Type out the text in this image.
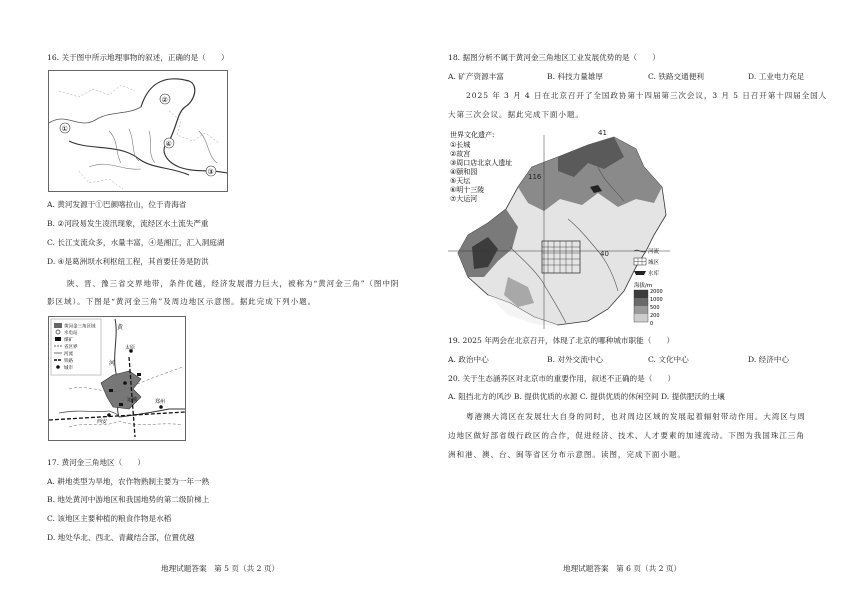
16. 关于图中所示地理事物的叙述，正确的是（　　）
①
②
③
④
A. 黄河发源于①巴颜喀拉山，位于青海省
B. ②河段易发生凌汛现象，流经区水土流失严重
C. 长江支流众多，水量丰富，④是湘江，汇入洞庭湖
D. ④是葛洲坝水利枢纽工程，其首要任务是防洪
陕、晋、豫三省交界地带，条件优越，经济发展潜力巨大，被称为“黄河金三角”（图中阴
影区域）。下图是“黄河金三角”及周边地区示意图。据此完成下列小题。
黄河金三角区域
水电站
煤矿
省区界
河流
铁路
城市
黄
太原
河
运城
西安
郑州
17. 黄河金三角地区（　　）
A. 耕地类型为旱地，农作物熟制主要为一年一熟
B. 地处黄河中游地区和我国地势的第二级阶梯上
C. 该地区主要种植的粮食作物是水稻
D. 地处华北、西北、青藏结合部，位置优越
地理试题答案　第 5 页（共 2 页）
18. 据图分析不属于黄河金三角地区工业发展优势的是（　　）
A. 矿产资源丰富	B. 科技力量雄厚	C. 铁路交通便利	D. 工业电力充足
2025 年 3 月 4 日在北京召开了全国政协第十四届第三次会议，3 月 5 日召开第十四届全国人
大第三次会议。据此完成下面小题。
41
116
40
世界文化遗产:
①长城
②故宫
③周口店北京人遗址
④颐和园
⑤天坛
⑥明十三陵
⑦大运河
河流
城区
水库
海拔/m
2000
1000
500
200
0
19. 2025 年两会在北京召开，体现了北京的哪种城市职能（　　）
A. 政治中心	B. 对外交流中心	C. 文化中心	D. 经济中心
20. 关于生态涵养区对北京市的重要作用，叙述不正确的是（　　）
A. 阻挡北方的风沙 B. 提供优质的水源 C. 提供优质的休闲空间 D. 提供肥沃的土壤
粤港澳大湾区在发展壮大自身的同时，也对周边区域的发展起着辐射带动作用。大湾区与周
边地区做好部省级行政区的合作，促进经济、技术、人才要素的加速流动。下图为我国珠江三角
洲和港、澳、台、闽等省区分布示意图。读图，完成下面小题。
地理试题答案　第 6 页（共 2 页）
